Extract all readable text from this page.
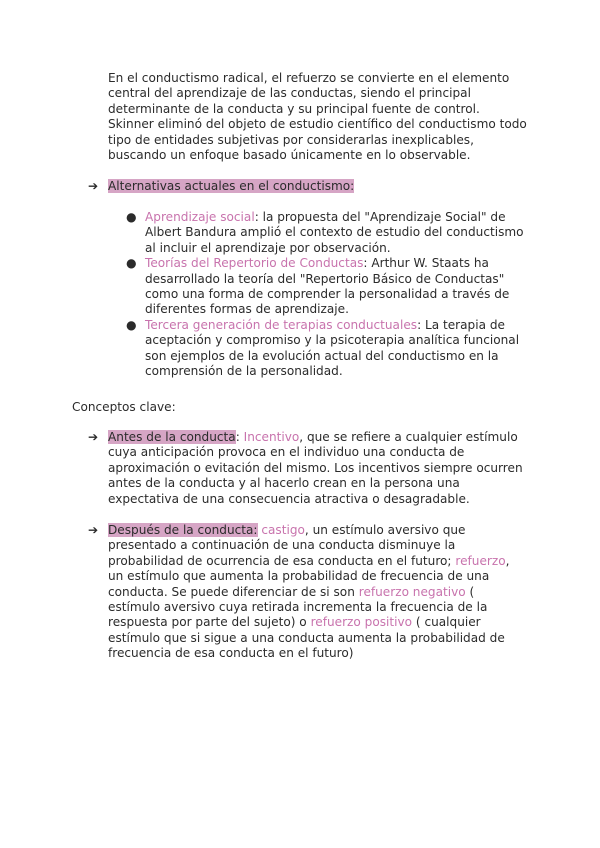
En el conductismo radical, el refuerzo se convierte en el elemento central del aprendizaje de las conductas, siendo el principal determinante de la conducta y su principal fuente de control. Skinner eliminó del objeto de estudio científico del conductismo todo tipo de entidades subjetivas por considerarlas inexplicables, buscando un enfoque basado únicamente en lo observable.

➔ Alternativas actuales en el conductismo:
● Aprendizaje social: la propuesta del "Aprendizaje Social" de Albert Bandura amplió el contexto de estudio del conductismo al incluir el aprendizaje por observación.
● Teorías del Repertorio de Conductas: Arthur W. Staats ha desarrollado la teoría del "Repertorio Básico de Conductas" como una forma de comprender la personalidad a través de diferentes formas de aprendizaje.
● Tercera generación de terapias conductuales: La terapia de aceptación y compromiso y la psicoterapia analítica funcional son ejemplos de la evolución actual del conductismo en la comprensión de la personalidad.

Conceptos clave:

➔ Antes de la conducta: Incentivo, que se refiere a cualquier estímulo cuya anticipación provoca en el individuo una conducta de aproximación o evitación del mismo. Los incentivos siempre ocurren antes de la conducta y al hacerlo crean en la persona una expectativa de una consecuencia atractiva o desagradable.
➔ Después de la conducta: castigo, un estímulo aversivo que presentado a continuación de una conducta disminuye la probabilidad de ocurrencia de esa conducta en el futuro; refuerzo, un estímulo que aumenta la probabilidad de frecuencia de una conducta. Se puede diferenciar de si son refuerzo negativo ( estímulo aversivo cuya retirada incrementa la frecuencia de la respuesta por parte del sujeto) o refuerzo positivo ( cualquier estímulo que si sigue a una conducta aumenta la probabilidad de frecuencia de esa conducta en el futuro)
